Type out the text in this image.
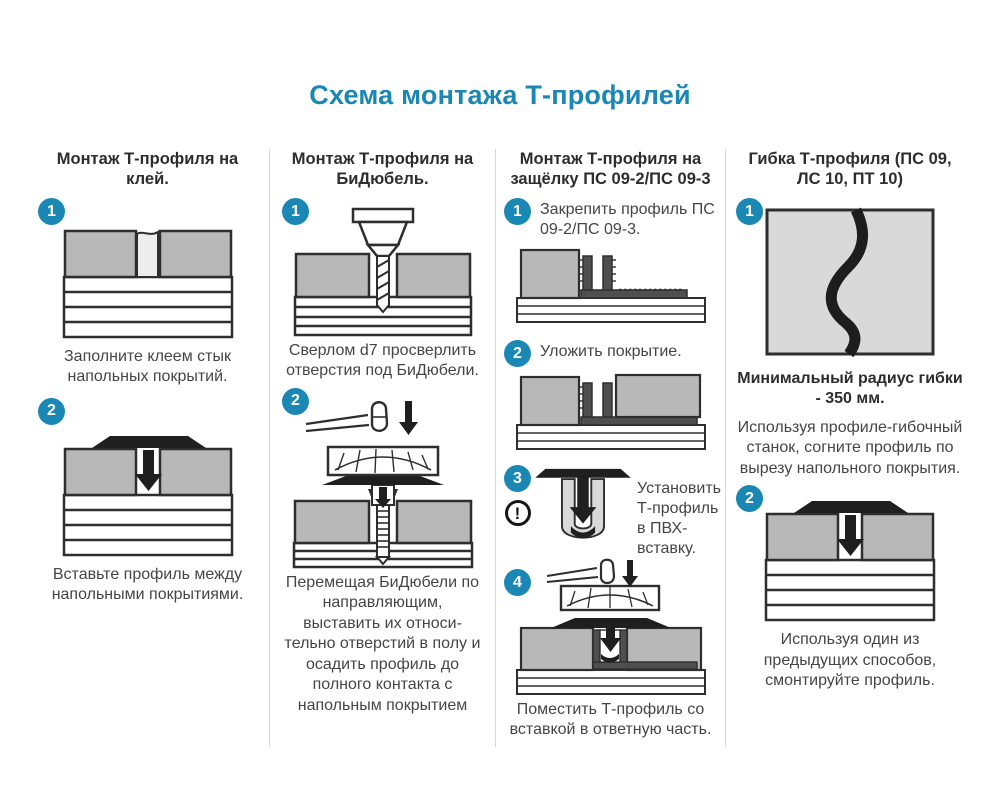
Схема монтажа Т-профилей
Монтаж Т-профиля на клей.
1

Заполните клеем стык напольных покрытий.

2

Вставьте профиль между напольными покрытиями.

Монтаж Т-профиля на БиДюбель.
1

Сверлом d7 просверлить отверстия под БиДюбели.

2

Перемещая БиДюбели по направляющим, выставить их относи-тельно отверстий в полу и осадить профиль до полного контакта с напольным покрытием

Монтаж Т-профиля на защёлку ПС 09-2/ПС 09-3
1	Закрепить профиль ПС 09-2/ПС 09-3.

2	Уложить покрытие.

3
!

Установить Т-профиль в ПВХ-вставку.

4

Поместить Т-профиль со вставкой в ответную часть.

Гибка Т-профиля (ПС 09, ЛС 10, ПТ 10)
1

Минимальный радиус гибки - 350 мм.

Используя профиле-гибочный станок, согните профиль по вырезу напольного покрытия.

2

Используя один из предыдущих способов, смонтируйте профиль.
